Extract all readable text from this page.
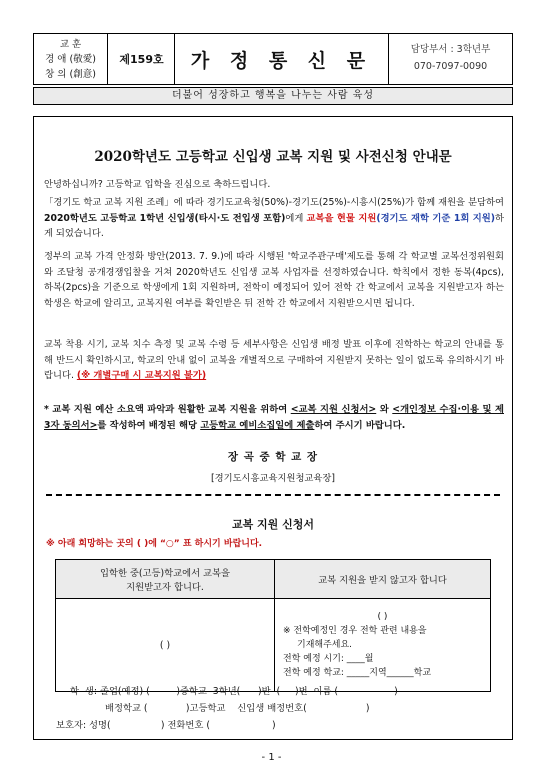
교 훈
경 애 (敬愛)
창 의 (創意)
제159호	가 정 통 신 문	담당부서 : 3학년부
070-7097-0090
더불어 성장하고 행복을 나누는 사람 육성
2020학년도 고등학교 신입생 교복 지원 및 사전신청 안내문
안녕하십니까? 고등학교 입학을 진심으로 축하드립니다.
「경기도 학교 교복 지원 조례」에 따라 경기도교육청(50%)-경기도(25%)-시흥시(25%)가 함께 재원을 분담하여 2020학년도 고등학교 1학년 신입생(타시·도 전입생 포함)에게 교복을 현물 지원(경기도 재학 기준 1회 지원)하게 되었습니다.
정부의 교복 가격 안정화 방안(2013. 7. 9.)에 따라 시행된 '학교주관구매'제도를 통해 각 학교별 교복선정위원회와 조달청 공개경쟁입찰을 거쳐 2020학년도 신입생 교복 사업자를 선정하였습니다. 학칙에서 정한 동복(4pcs), 하복(2pcs)을 기준으로 학생에게 1회 지원하며, 전학이 예정되어 있어 전학 간 학교에서 교복을 지원받고자 하는 학생은 학교에 알리고, 교복지원 여부를 확인받은 뒤 전학 간 학교에서 지원받으시면 됩니다.
교복 착용 시기, 교복 치수 측정 및 교복 수령 등 세부사항은 신입생 배정 발표 이후에 진학하는 학교의 안내를 통해 반드시 확인하시고, 학교의 안내 없이 교복을 개별적으로 구매하여 지원받지 못하는 일이 없도록 유의하시기 바랍니다. (※ 개별구매 시 교복지원 불가)
* 교복 지원 예산 소요액 파악과 원활한 교복 지원을 위하여 <교복 지원 신청서> 와 <개인정보 수집·이용 및 제 3자 동의서>를 작성하여 배정된 해당 고등학교 예비소집일에 제출하여 주시기 바랍니다.
장 곡 중 학 교 장
[경기도시흥교육지원청교육장]
교복 지원 신청서
※ 아래 희망하는 곳의 ( )에 “○” 표 하시기 바랍니다.
입학한 중(고등)학교에서 교복을
지원받고자 합니다.	교복 지원을 받지 않고자 합니다
( )	( )
※ 전학예정인 경우 전학 관련 내용을
기재해주세요.
전학 예정 시기: ____월
전학 예정 학교: _____지역______학교
학  생: 졸업(예정) (         )중학교  3학년(      )반  (     )번  이름 (                   )
배정학교 (             )고등학교    신입생 배정번호(                    )
보호자: 성명(                 ) 전화번호 (                     )
- 1 -
